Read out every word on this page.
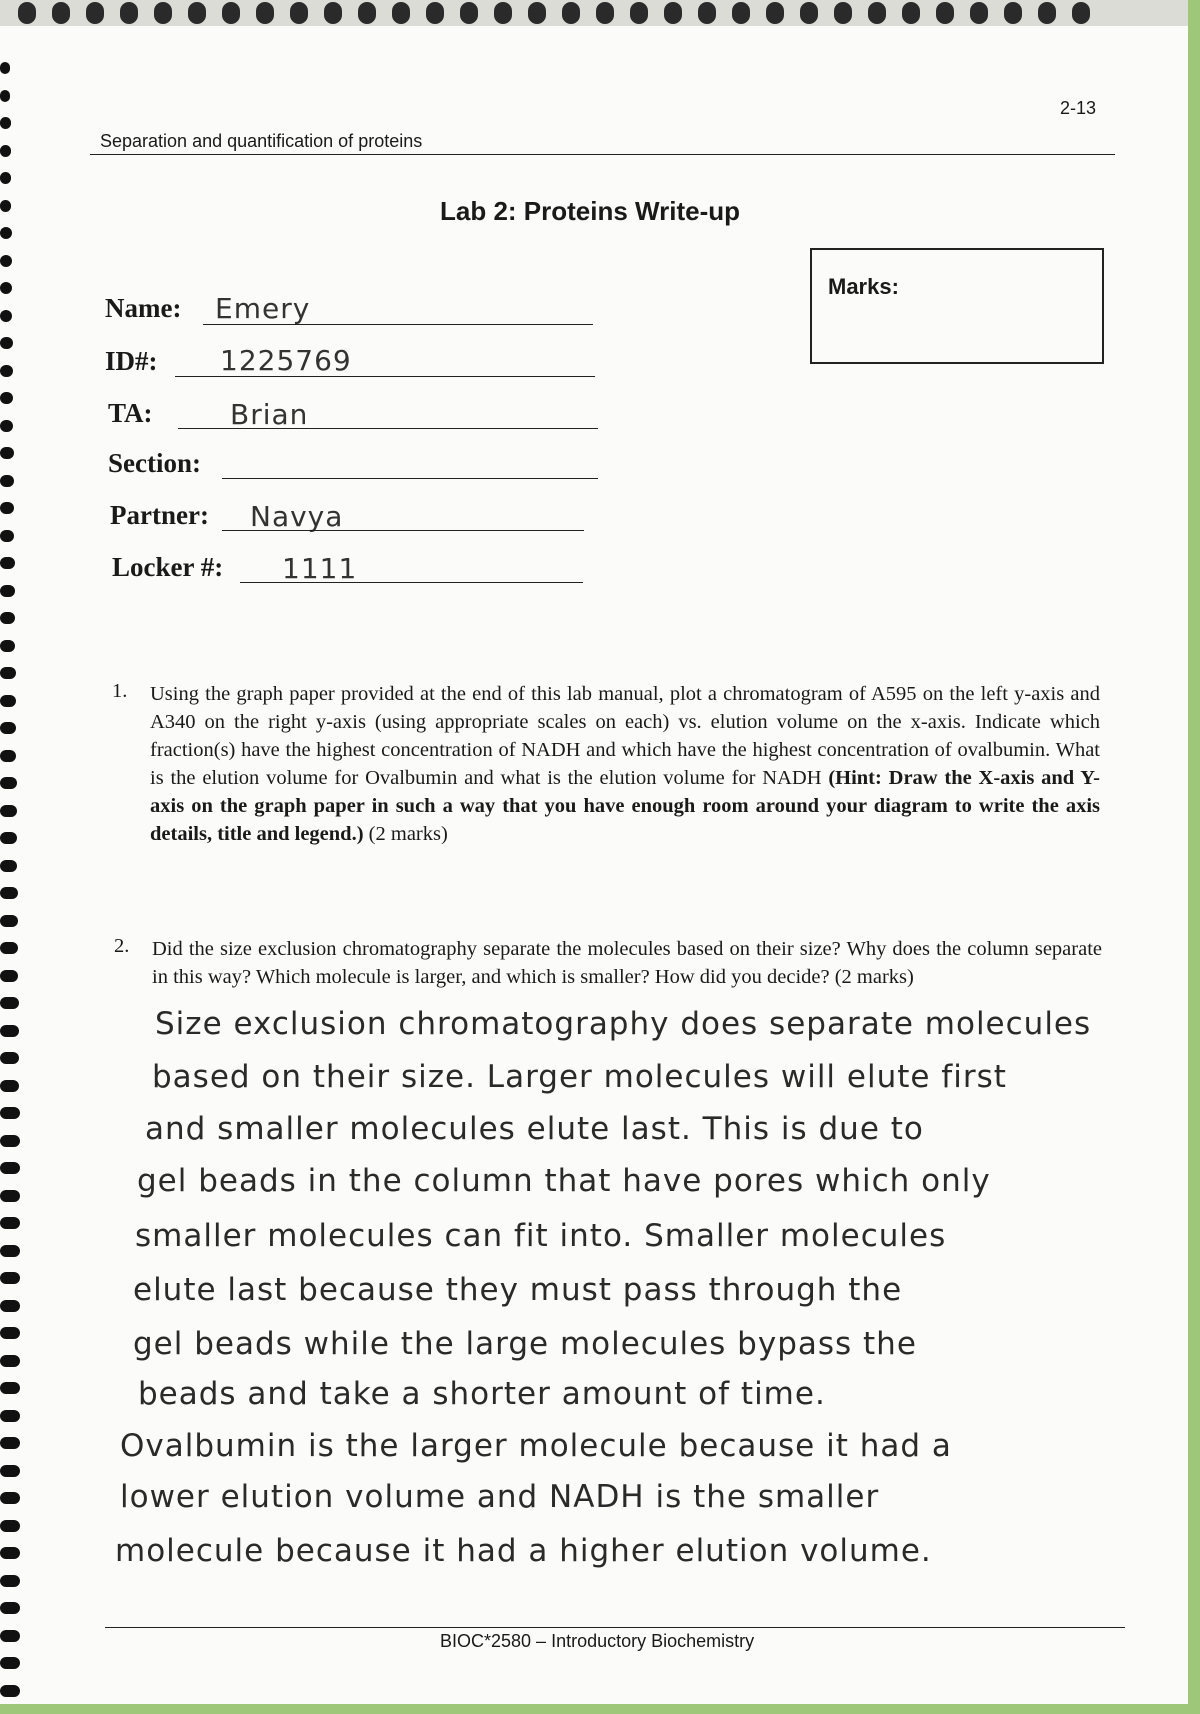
2-13
Separation and quantification of proteins
Lab 2: Proteins Write-up
Marks:
Name: Emery
ID#: 1225769
TA:	Brian
Section:
Partner: Navya
Locker #: 1111
1. Using the graph paper provided at the end of this lab manual, plot a chromatogram of A595 on the left y-axis and A340 on the right y-axis (using appropriate scales on each) vs. elution volume on the x-axis. Indicate which fraction(s) have the highest concentration of NADH and which have the highest concentration of ovalbumin. What is the elution volume for Ovalbumin and what is the elution volume for NADH (Hint: Draw the X-axis and Y-axis on the graph paper in such a way that you have enough room around your diagram to write the axis details, title and legend.) (2 marks)
2. Did the size exclusion chromatography separate the molecules based on their size? Why does the column separate in this way? Which molecule is larger, and which is smaller? How did you decide? (2 marks)
Size exclusion chromatography does separate molecules
based on their size. Larger molecules will elute first
and smaller molecules elute last. This is due to
gel beads in the column that have pores which only
smaller molecules can fit into. Smaller molecules
elute last because they must pass through the
gel beads while the large molecules bypass the
beads and take a shorter amount of time.
Ovalbumin is the larger molecule because it had a
lower elution volume and NADH is the smaller
molecule because it had a higher elution volume.
BIOC*2580 – Introductory Biochemistry
